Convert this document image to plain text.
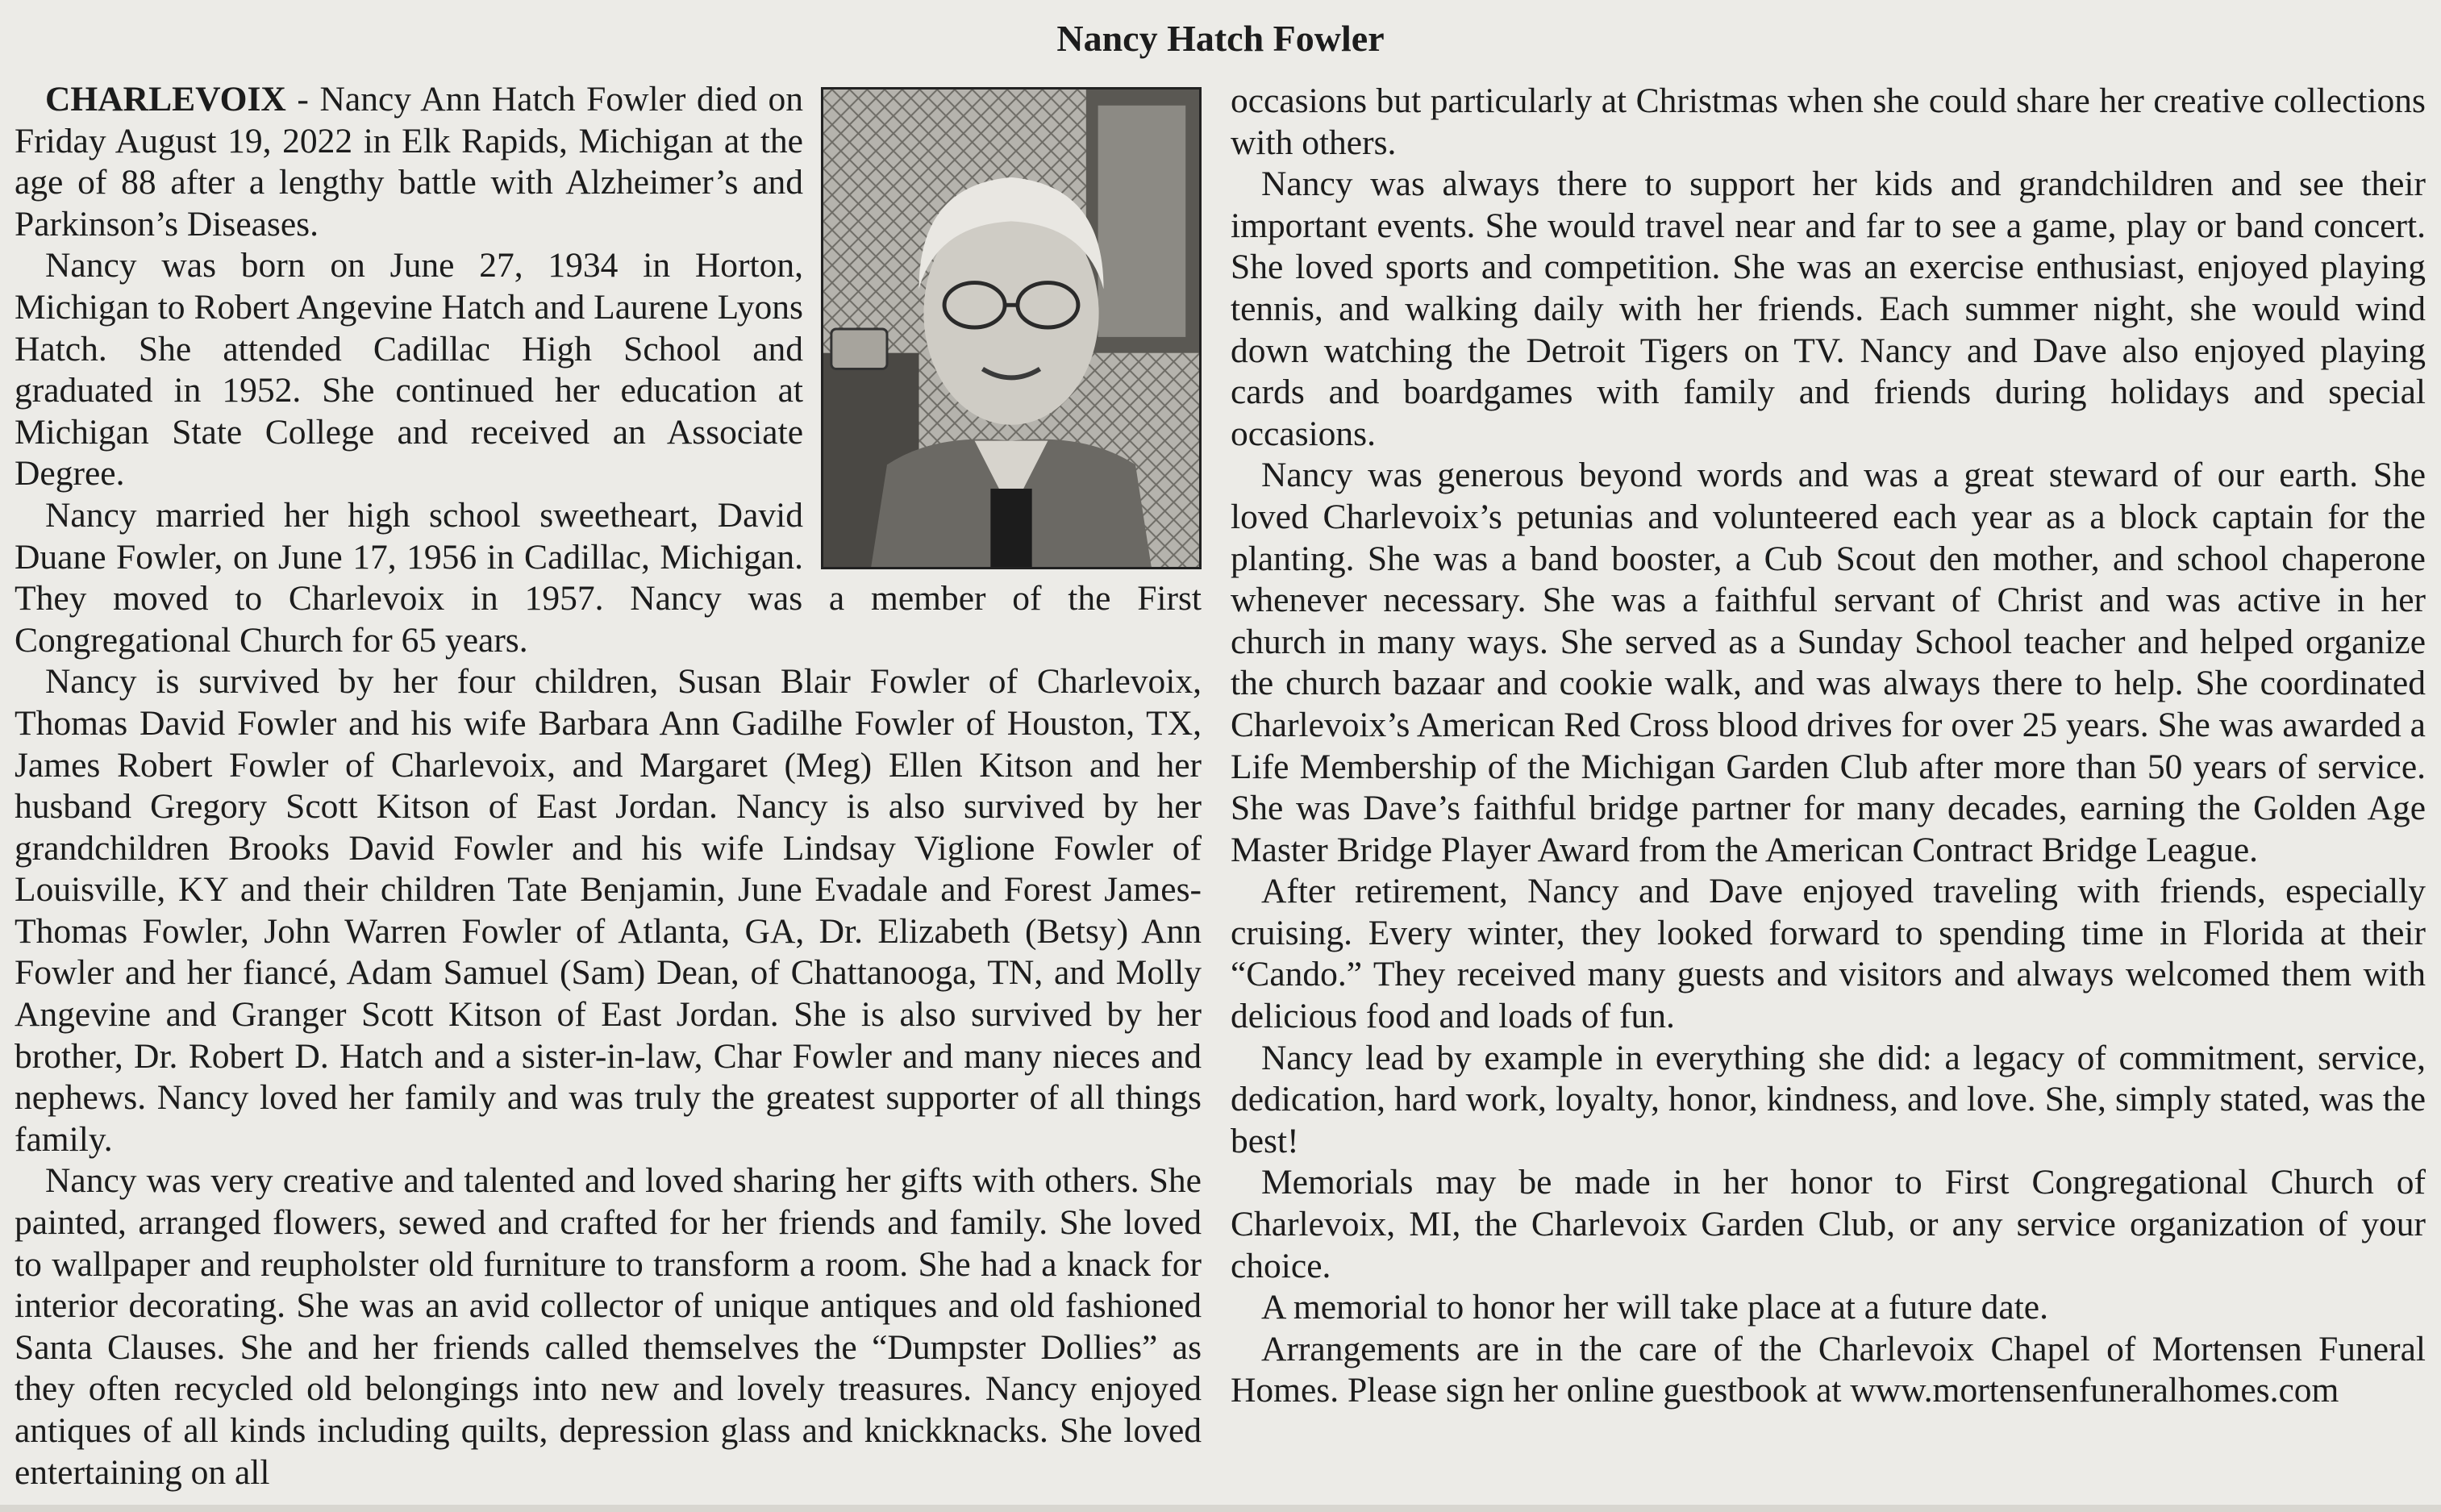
Nancy Hatch Fowler

CHARLEVOIX - Nancy Ann Hatch Fowler died on Friday August 19, 2022 in Elk Rapids, Michigan at the age of 88 after a lengthy battle with Alzheimer’s and Parkinson’s Diseases.

Nancy was born on June 27, 1934 in Horton, Michigan to Robert Angevine Hatch and Laurene Lyons Hatch. She attended Cadillac High School and graduated in 1952. She continued her education at Michigan State College and received an Associate Degree.

Nancy married her high school sweetheart, David Duane Fowler, on June 17, 1956 in Cadillac, Michigan. They moved to Charlevoix in 1957. Nancy was a member of the First Congregational Church for 65 years.

Nancy is survived by her four children, Susan Blair Fowler of Charlevoix, Thomas David Fowler and his wife Barbara Ann Gadilhe Fowler of Houston, TX, James Robert Fowler of Charlevoix, and Margaret (Meg) Ellen Kitson and her husband Gregory Scott Kitson of East Jordan. Nancy is also survived by her grandchildren Brooks David Fowler and his wife Lindsay Viglione Fowler of Louisville, KY and their children Tate Benjamin, June Evadale and Forest James-Thomas Fowler, John Warren Fowler of Atlanta, GA, Dr. Elizabeth (Betsy) Ann Fowler and her fiancé, Adam Samuel (Sam) Dean, of Chattanooga, TN, and Molly Angevine and Granger Scott Kitson of East Jordan. She is also survived by her brother, Dr. Robert D. Hatch and a sister-in-law, Char Fowler and many nieces and nephews. Nancy loved her family and was truly the greatest supporter of all things family.

Nancy was very creative and talented and loved sharing her gifts with others. She painted, arranged flowers, sewed and crafted for her friends and family. She loved to wallpaper and reupholster old furniture to transform a room. She had a knack for interior decorating. She was an avid collector of unique antiques and old fashioned Santa Clauses. She and her friends called themselves the “Dumpster Dollies” as they often recycled old belongings into new and lovely treasures. Nancy enjoyed antiques of all kinds including quilts, depression glass and knickknacks. She loved entertaining on all

occasions but particularly at Christmas when she could share her creative collections with others.

Nancy was always there to support her kids and grandchildren and see their important events. She would travel near and far to see a game, play or band concert. She loved sports and competition. She was an exercise enthusiast, enjoyed playing tennis, and walking daily with her friends. Each summer night, she would wind down watching the Detroit Tigers on TV. Nancy and Dave also enjoyed playing cards and boardgames with family and friends during holidays and special occasions.

Nancy was generous beyond words and was a great steward of our earth. She loved Charlevoix’s petunias and volunteered each year as a block captain for the planting. She was a band booster, a Cub Scout den mother, and school chaperone whenever necessary. She was a faithful servant of Christ and was active in her church in many ways. She served as a Sunday School teacher and helped organize the church bazaar and cookie walk, and was always there to help. She coordinated Charlevoix’s American Red Cross blood drives for over 25 years. She was awarded a Life Membership of the Michigan Garden Club after more than 50 years of service. She was Dave’s faithful bridge partner for many decades, earning the Golden Age Master Bridge Player Award from the American Contract Bridge League.

After retirement, Nancy and Dave enjoyed traveling with friends, especially cruising. Every winter, they looked forward to spending time in Florida at their “Cando.” They received many guests and visitors and always welcomed them with delicious food and loads of fun.

Nancy lead by example in everything she did: a legacy of commitment, service, dedication, hard work, loyalty, honor, kindness, and love. She, simply stated, was the best!

Memorials may be made in her honor to First Congregational Church of Charlevoix, MI, the Charlevoix Garden Club, or any service organization of your choice.

A memorial to honor her will take place at a future date.

Arrangements are in the care of the Charlevoix Chapel of Mortensen Funeral Homes. Please sign her online guestbook at www.mortensenfuneralhomes.com
